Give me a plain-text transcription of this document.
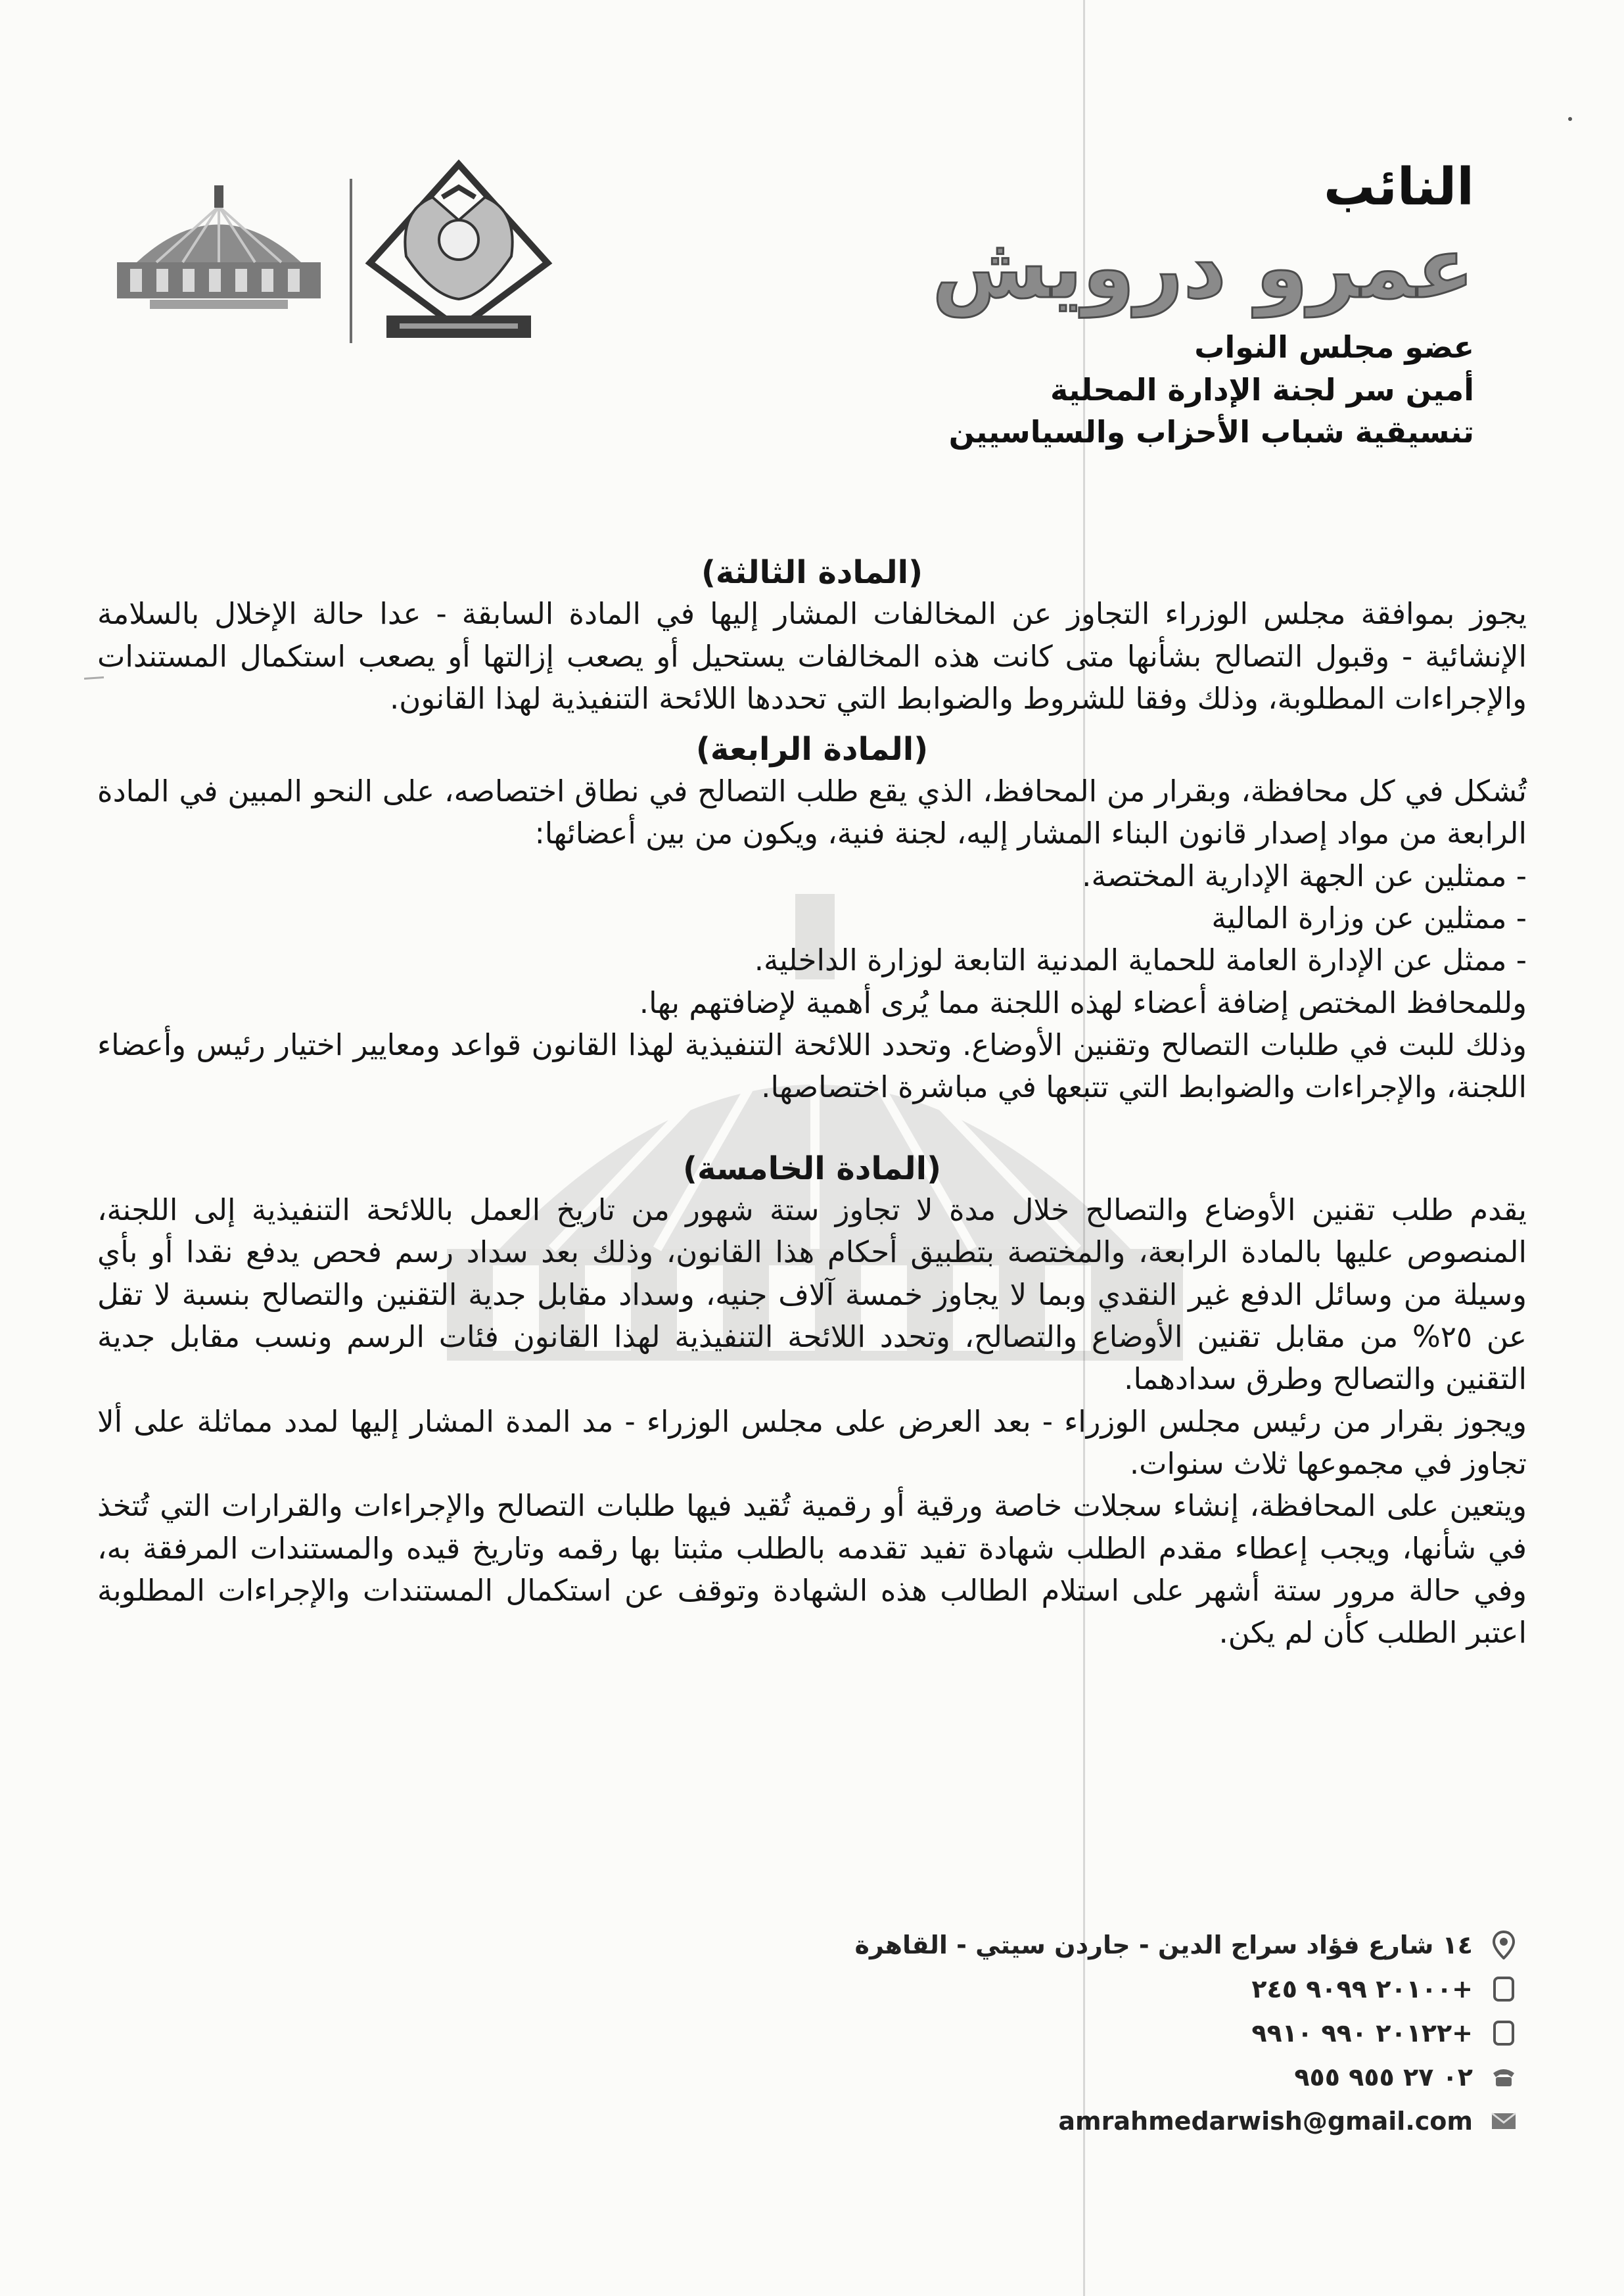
النائب
عمرو درويش
عضو مجلس النواب
أمين سر لجنة الإدارة المحلية
تنسيقية شباب الأحزاب والسياسيين
(المادة الثالثة)

يجوز بموافقة مجلس الوزراء التجاوز عن المخالفات المشار إليها في المادة السابقة - عدا حالة الإخلال بالسلامة الإنشائية - وقبول التصالح بشأنها متى كانت هذه المخالفات يستحيل أو يصعب إزالتها أو يصعب استكمال المستندات والإجراءات المطلوبة، وذلك وفقا للشروط والضوابط التي تحددها اللائحة التنفيذية لهذا القانون.

(المادة الرابعة)

تُشكل في كل محافظة، وبقرار من المحافظ، الذي يقع طلب التصالح في نطاق اختصاصه، على النحو المبين في المادة الرابعة من مواد إصدار قانون البناء المشار إليه، لجنة فنية، ويكون من بين أعضائها:

- ممثلين عن الجهة الإدارية المختصة.

- ممثلين عن وزارة المالية

- ممثل عن الإدارة العامة للحماية المدنية التابعة لوزارة الداخلية.

وللمحافظ المختص إضافة أعضاء لهذه اللجنة مما يُرى أهمية لإضافتهم بها.

وذلك للبت في طلبات التصالح وتقنين الأوضاع. وتحدد اللائحة التنفيذية لهذا القانون قواعد ومعايير اختيار رئيس وأعضاء اللجنة، والإجراءات والضوابط التي تتبعها في مباشرة اختصاصها.

(المادة الخامسة)

يقدم طلب تقنين الأوضاع والتصالح خلال مدة لا تجاوز ستة شهور من تاريخ العمل باللائحة التنفيذية إلى اللجنة، المنصوص عليها بالمادة الرابعة، والمختصة بتطبيق أحكام هذا القانون، وذلك بعد سداد رسم فحص يدفع نقدا أو بأي وسيلة من وسائل الدفع غير النقدي وبما لا يجاوز خمسة آلاف جنيه، وسداد مقابل جدية التقنين والتصالح بنسبة لا تقل عن ٢٥% من مقابل تقنين الأوضاع والتصالح، وتحدد اللائحة التنفيذية لهذا القانون فئات الرسم ونسب مقابل جدية التقنين والتصالح وطرق سدادهما.

ويجوز بقرار من رئيس مجلس الوزراء - بعد العرض على مجلس الوزراء - مد المدة المشار إليها لمدد مماثلة على ألا تجاوز في مجموعها ثلاث سنوات.

ويتعين على المحافظة، إنشاء سجلات خاصة ورقية أو رقمية تُقيد فيها طلبات التصالح والإجراءات والقرارات التي تُتخذ في شأنها، ويجب إعطاء مقدم الطلب شهادة تفيد تقدمه بالطلب مثبتا بها رقمه وتاريخ قيده والمستندات المرفقة به، وفي حالة مرور ستة أشهر على استلام الطالب هذه الشهادة وتوقف عن استكمال المستندات والإجراءات المطلوبة اعتبر الطلب كأن لم يكن.

١٤ شارع فؤاد سراج الدين - جاردن سيتي - القاهرة
+٢٠١٠٠ ٩٠٩٩ ٢٤٥
+٢٠١٢٢ ٩٩٠ ٩٩١٠
٠٢ ٢٧ ٩٥٥ ٩٥٥
amrahmedarwish@gmail.com
